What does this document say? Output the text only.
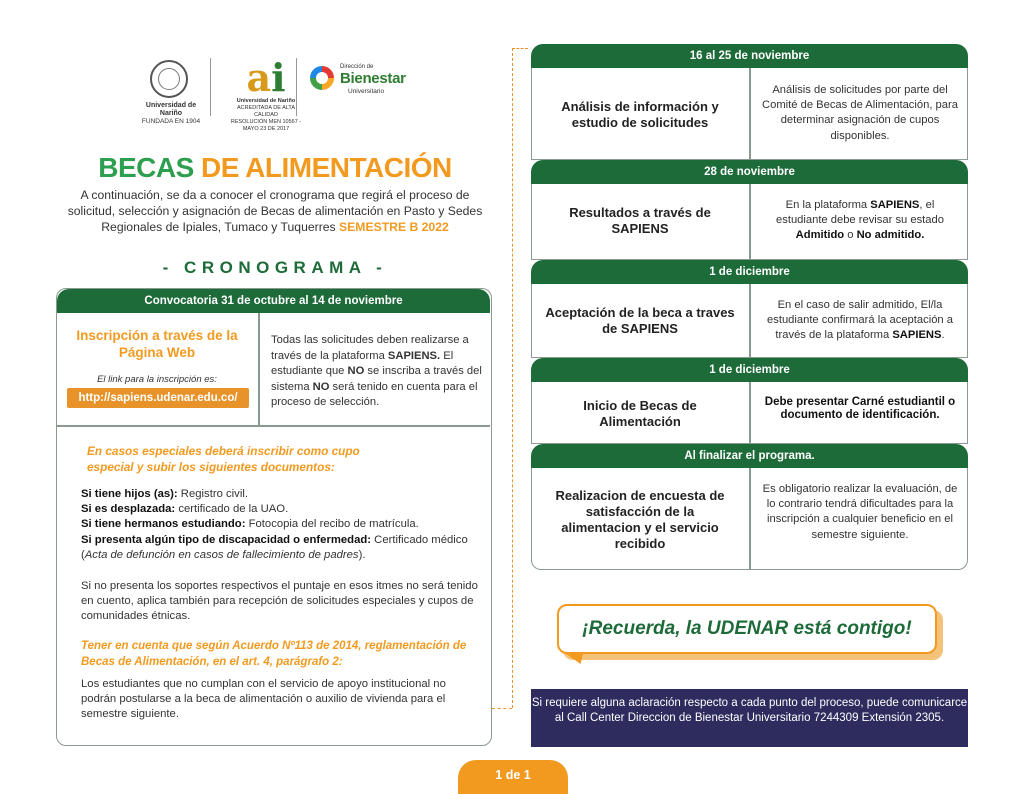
Universidad de Nariño
FUNDADA EN 1904
ai
Universidad de Nariño
ACREDITADA DE ALTA CALIDAD
RESOLUCIÓN MEN 10567 - MAYO 23 DE 2017
Dirección de
Bienestar
Universitario
BECAS DE ALIMENTACIÓN
A continuación, se da a conocer el cronograma que regirá el proceso de solicitud, selección y asignación de Becas de alimentación en Pasto y Sedes Regionales de Ipiales, Tumaco y Tuquerres SEMESTRE B 2022
- CRONOGRAMA -
Convocatoria 31 de octubre al 14 de noviembre
Inscripción a través de la Página Web
El link para la inscripción es:
http://sapiens.udenar.edu.co/
Todas las solicitudes deben realizarse a través de la plataforma SAPIENS. El estudiante que NO se inscriba a través del sistema NO será tenido en cuenta para el proceso de selección.
En casos especiales deberá inscribir como cupo especial y subir los siguientes documentos:
Si tiene hijos (as): Registro civil.
Si es desplazada: certificado de la UAO.
Si tiene hermanos estudiando: Fotocopia del recibo de matrícula.
Si presenta algún tipo de discapacidad o enfermedad: Certificado médico (Acta de defunción en casos de fallecimiento de padres).
Si no presenta los soportes respectivos el puntaje en esos itmes no será tenido en cuento, aplica también para recepción de solicitudes especiales y cupos de comunidades étnicas.
Tener en cuenta que según Acuerdo Nº113 de 2014, reglamentación de Becas de Alimentación, en el art. 4, parágrafo 2:
Los estudiantes que no cumplan con el servicio de apoyo institucional no podrán postularse a la beca de alimentación o auxilio de vivienda para el semestre siguiente.
16 al 25 de noviembre
Análisis de información y estudio de solicitudes
Análisis de solicitudes por parte del Comité de Becas de Alimentación, para determinar asignación de cupos disponibles.
28 de noviembre
Resultados a través de SAPIENS
En la plataforma SAPIENS, el estudiante debe revisar su estado Admitido o No admitido.
1 de diciembre
Aceptación de la beca a traves de SAPIENS
En el caso de salir admitido, El/la estudiante confirmará la aceptación a través de la plataforma SAPIENS.
1 de diciembre
Inicio de Becas de Alimentación
Debe presentar Carné estudiantil o documento de identificación.
Al finalizar el programa.
Realizacion de encuesta de satisfacción de la alimentacion y el servicio recibido
Es obligatorio realizar la evaluación, de lo contrario tendrá dificultades para la inscripción a cualquier beneficio en el semestre siguiente.
¡Recuerda, la UDENAR está contigo!
Si requiere alguna aclaración respecto a cada punto del proceso, puede comunicarce al Call Center Direccion de Bienestar Universitario 7244309 Extensión 2305.
1 de 1
